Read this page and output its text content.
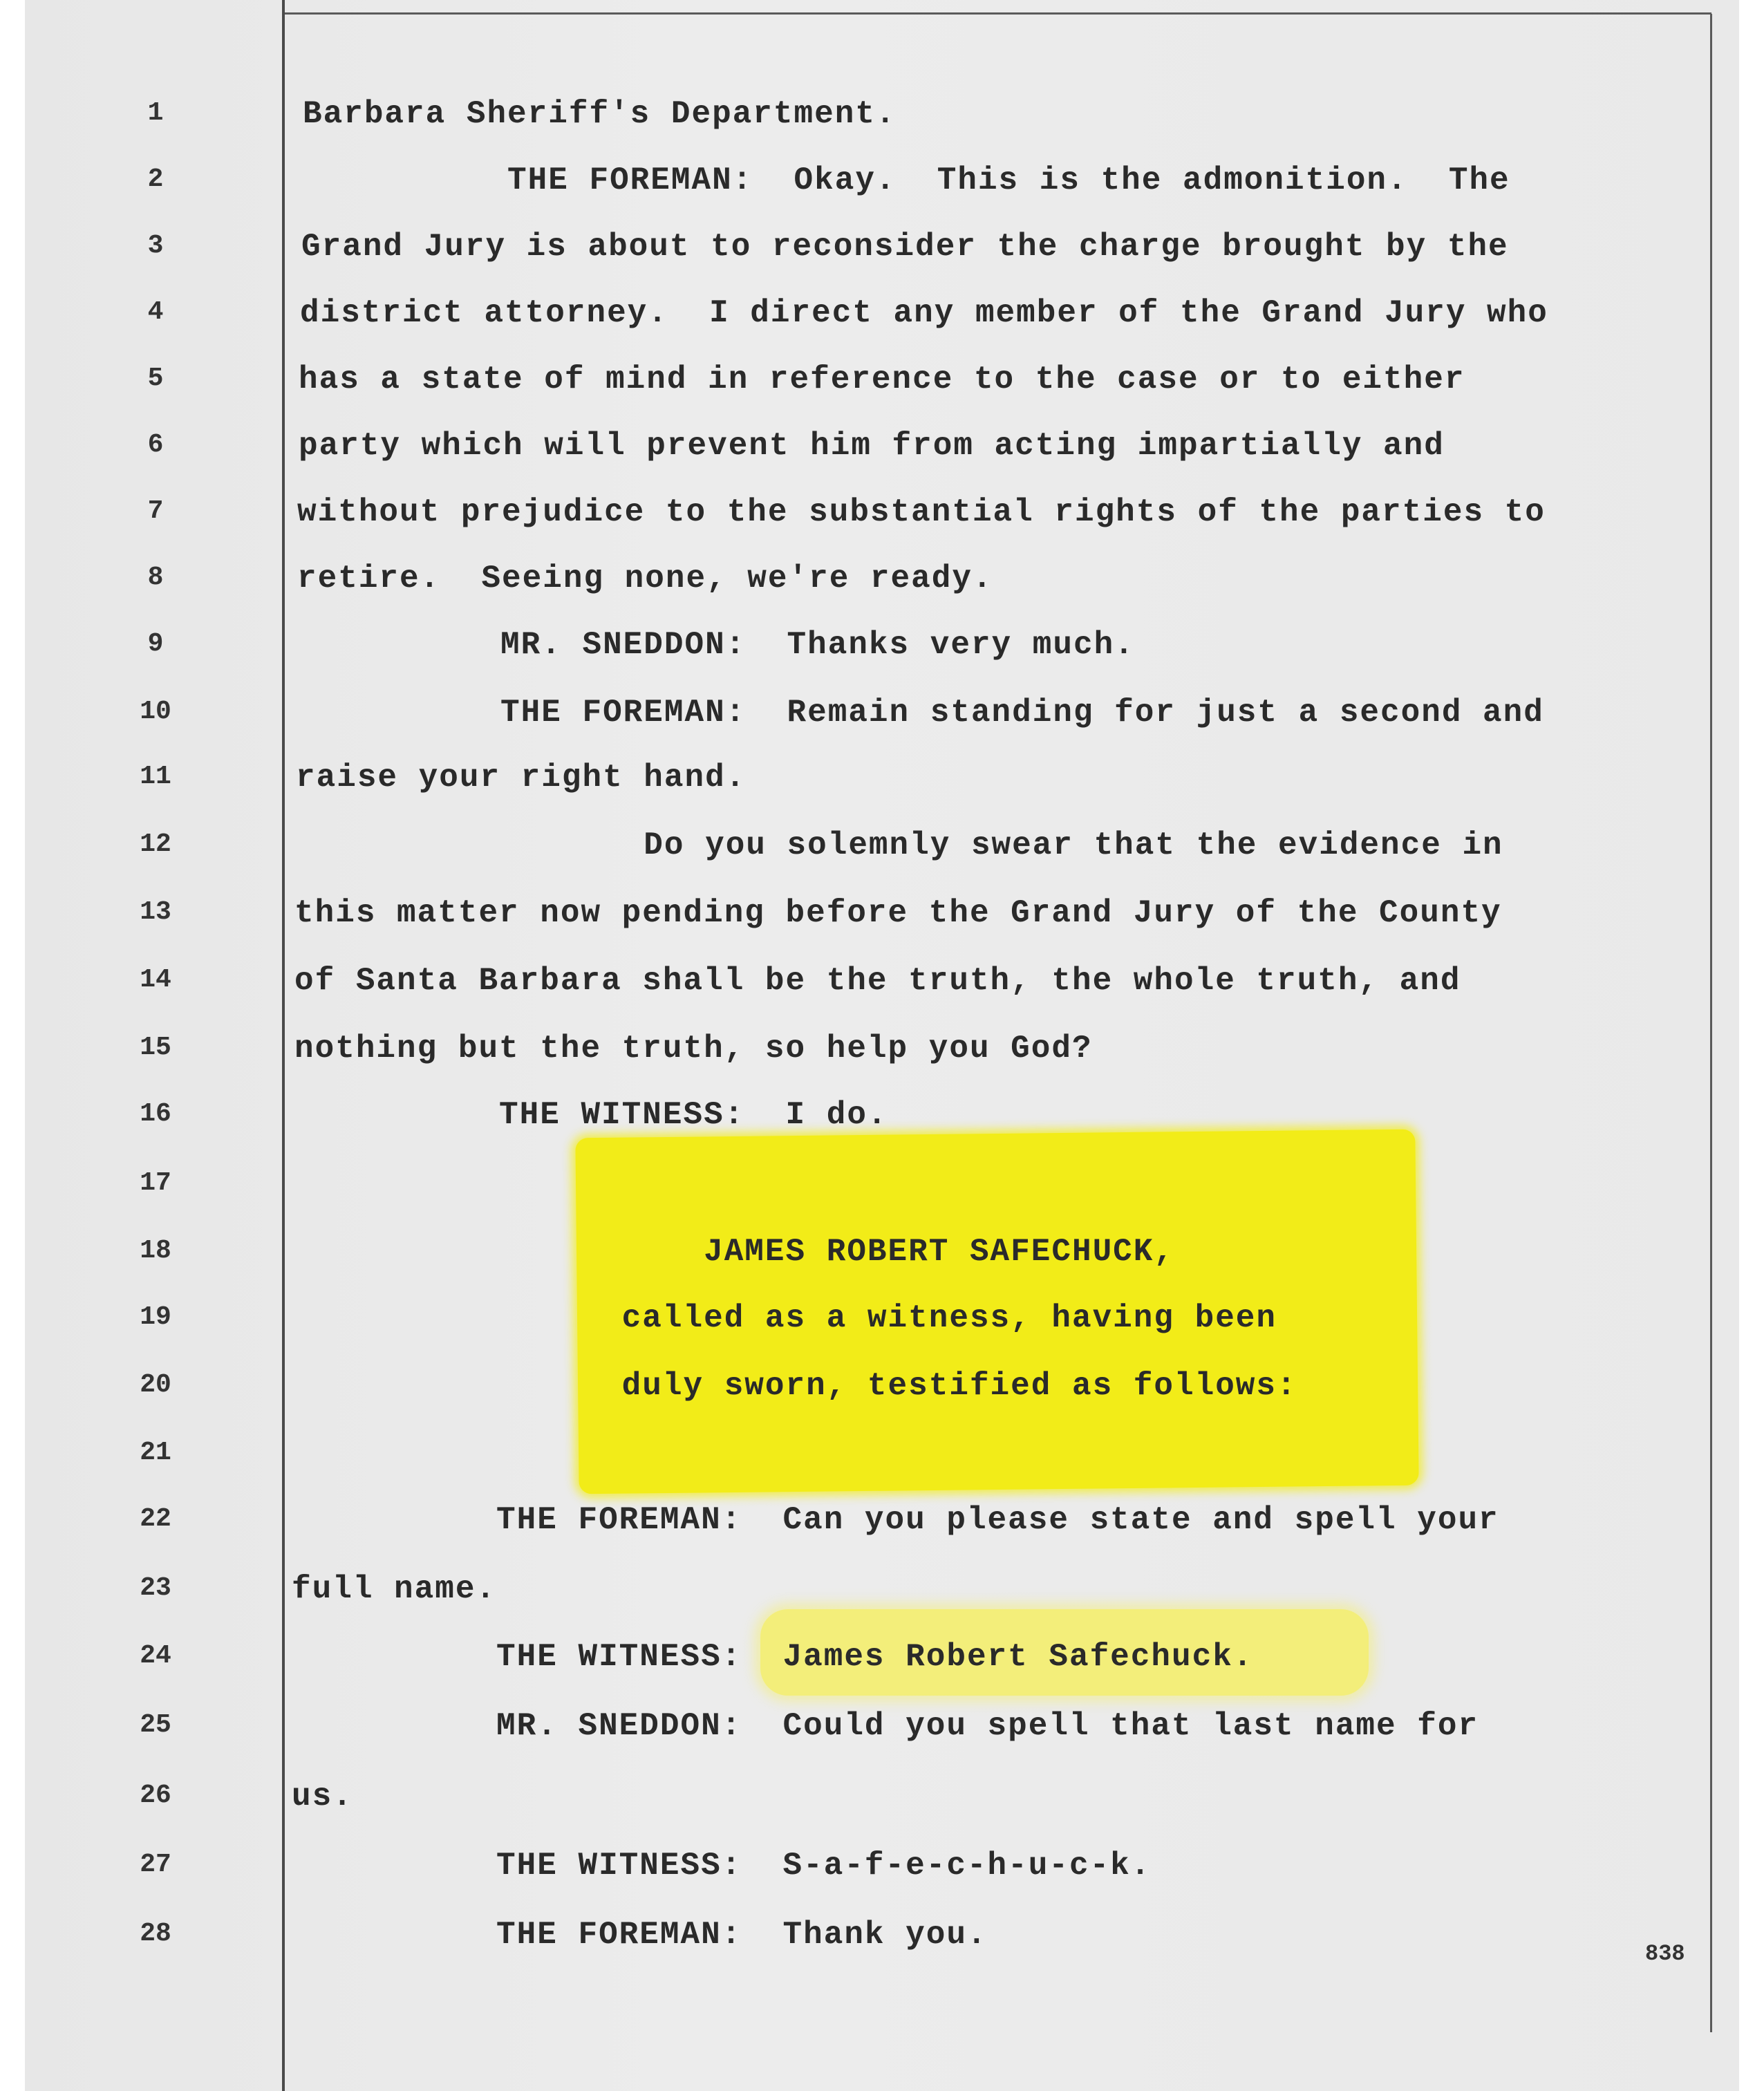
1
2
3
4
5
6
7
8
9
10
11
12
13
14
15
16
17
18
19
20
21
22
23
24
25
26
27
28
Barbara Sheriff's Department.
THE FOREMAN:  Okay.  This is the admonition.  The
Grand Jury is about to reconsider the charge brought by the
district attorney.  I direct any member of the Grand Jury who
has a state of mind in reference to the case or to either
party which will prevent him from acting impartially and
without prejudice to the substantial rights of the parties to
retire.  Seeing none, we're ready.
MR. SNEDDON:  Thanks very much.
THE FOREMAN:  Remain standing for just a second and
raise your right hand.
Do you solemnly swear that the evidence in
this matter now pending before the Grand Jury of the County
of Santa Barbara shall be the truth, the whole truth, and
nothing but the truth, so help you God?
THE WITNESS:  I do.
JAMES ROBERT SAFECHUCK,
called as a witness, having been
duly sworn, testified as follows:
THE FOREMAN:  Can you please state and spell your
full name.
THE WITNESS:  James Robert Safechuck.
MR. SNEDDON:  Could you spell that last name for
us.
THE WITNESS:  S-a-f-e-c-h-u-c-k.
THE FOREMAN:  Thank you.
838
